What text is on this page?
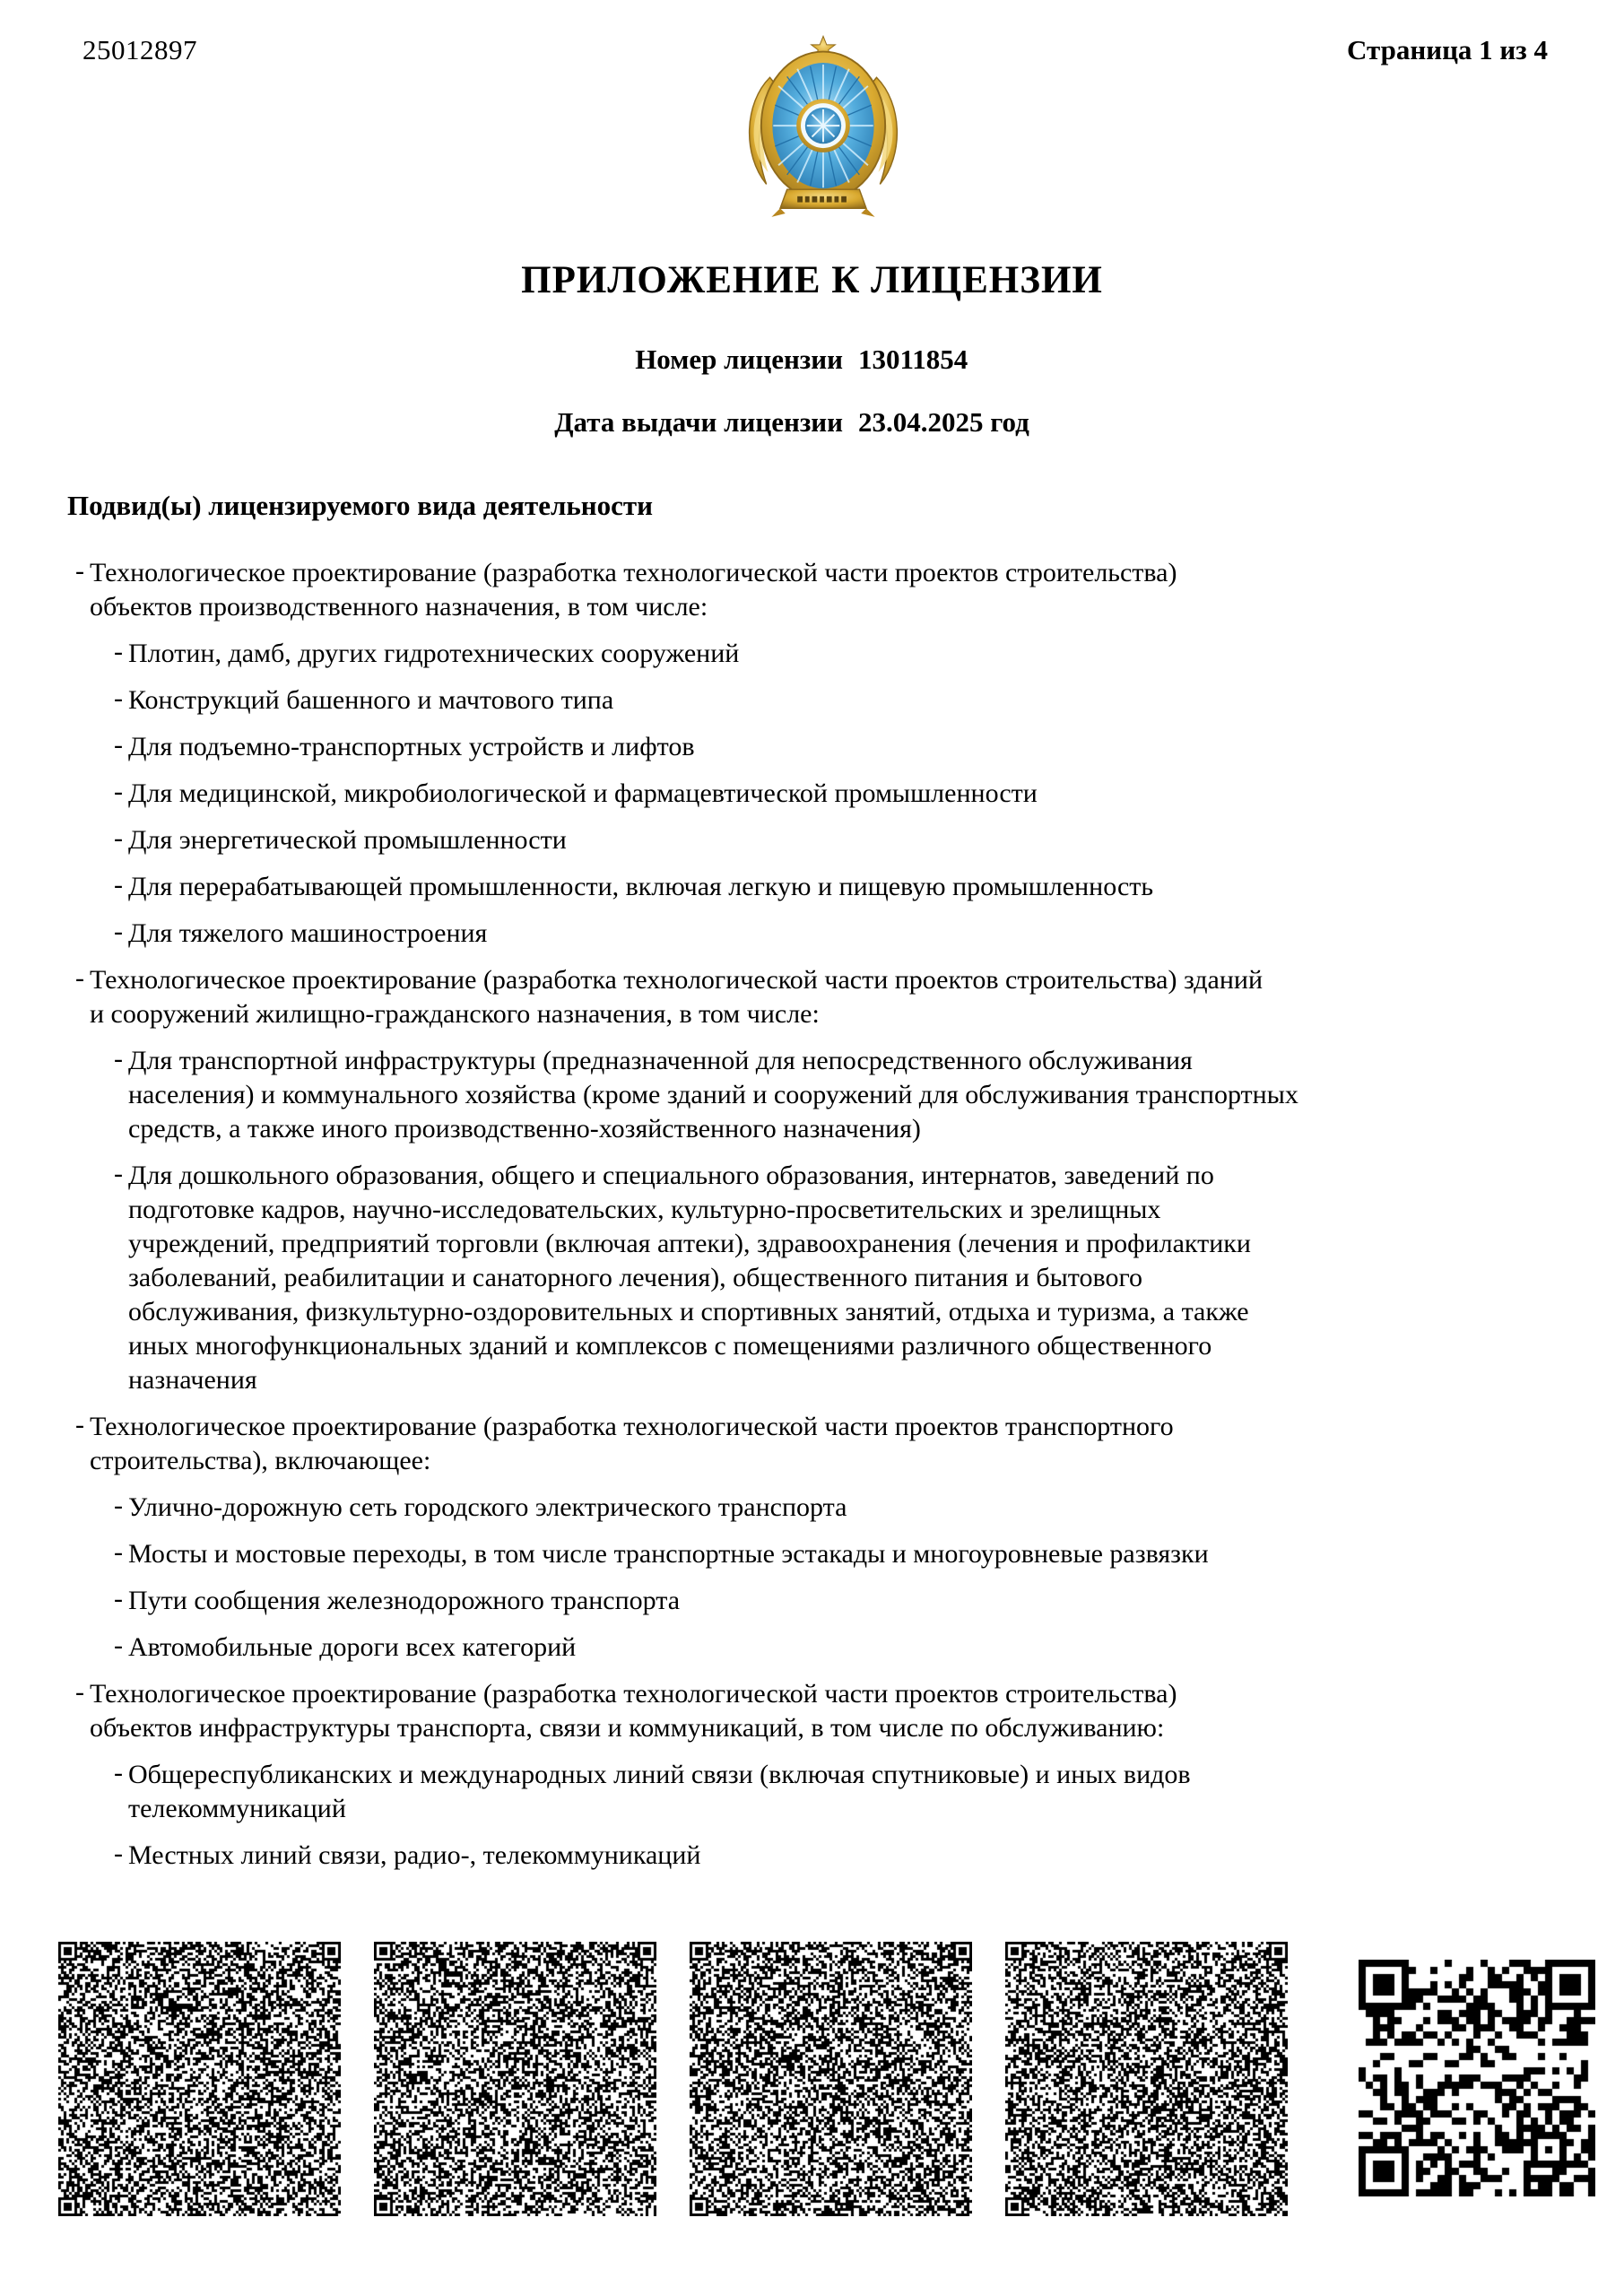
25012897	Страница 1 из 4
ПРИЛОЖЕНИЕ К ЛИЦЕНЗИИ
Номер лицензии 13011854
Дата выдачи лицензии 23.04.2025 год
Подвид(ы) лицензируемого вида деятельности
- Технологическое проектирование (разработка технологической части проектов строительства)
объектов производственного назначения, в том числе:
- Плотин, дамб, других гидротехнических сооружений
- Конструкций башенного и мачтового типа
- Для подъемно-транспортных устройств и лифтов
- Для медицинской, микробиологической и фармацевтической промышленности
- Для энергетической промышленности
- Для перерабатывающей промышленности, включая легкую и пищевую промышленность
- Для тяжелого машиностроения
- Технологическое проектирование (разработка технологической части проектов строительства) зданий
и сооружений жилищно-гражданского назначения, в том числе:
- Для транспортной инфраструктуры (предназначенной для непосредственного обслуживания
населения) и коммунального хозяйства (кроме зданий и сооружений для обслуживания транспортных
средств, а также иного производственно-хозяйственного назначения)
- Для дошкольного образования, общего и специального образования, интернатов, заведений по
подготовке кадров, научно-исследовательских, культурно-просветительских и зрелищных
учреждений, предприятий торговли (включая аптеки), здравоохранения (лечения и профилактики
заболеваний, реабилитации и санаторного лечения), общественного питания и бытового
обслуживания, физкультурно-оздоровительных и спортивных занятий, отдыха и туризма, а также
иных многофункциональных зданий и комплексов с помещениями различного общественного
назначения
- Технологическое проектирование (разработка технологической части проектов транспортного
строительства), включающее:
- Улично-дорожную сеть городского электрического транспорта
- Мосты и мостовые переходы, в том числе транспортные эстакады и многоуровневые развязки
- Пути сообщения железнодорожного транспорта
- Автомобильные дороги всех категорий
- Технологическое проектирование (разработка технологической части проектов строительства)
объектов инфраструктуры транспорта, связи и коммуникаций, в том числе по обслуживанию:
- Общереспубликанских и международных линий связи (включая спутниковые) и иных видов
телекоммуникаций
- Местных линий связи, радио-, телекоммуникаций
